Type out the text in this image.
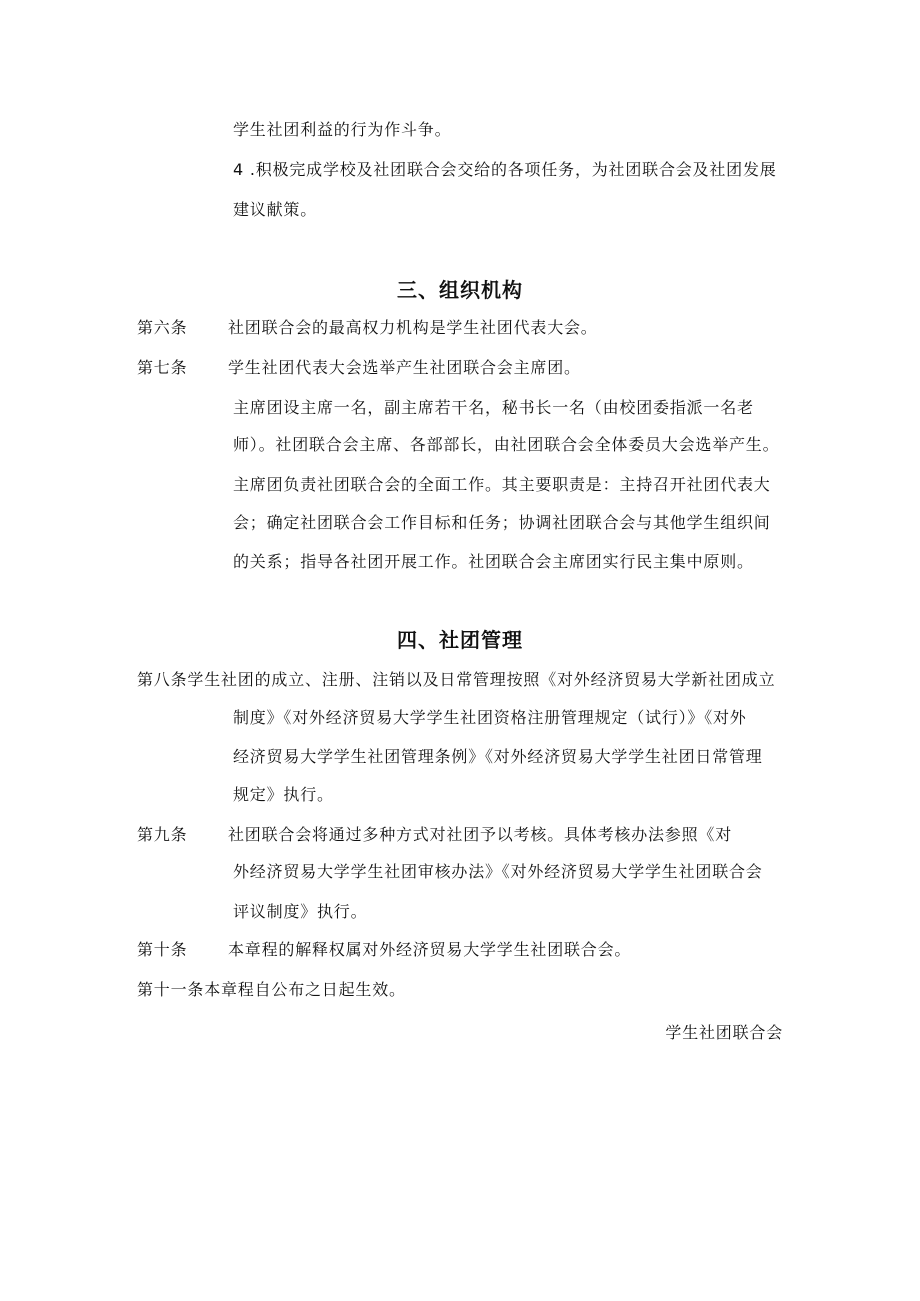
学生社团利益的行为作斗争。
4 .积极完成学校及社团联合会交给的各项任务，为社团联合会及社团发展
建议献策。
三、组织机构
第六条	社团联合会的最高权力机构是学生社团代表大会。
第七条	学生社团代表大会选举产生社团联合会主席团。
主席团设主席一名，副主席若干名，秘书长一名（由校团委指派一名老
师）。社团联合会主席、各部部长，由社团联合会全体委员大会选举产生。
主席团负责社团联合会的全面工作。其主要职责是：主持召开社团代表大
会；确定社团联合会工作目标和任务；协调社团联合会与其他学生组织间
的关系；指导各社团开展工作。社团联合会主席团实行民主集中原则。
四、社团管理
第八条学生社团的成立、注册、注销以及日常管理按照《对外经济贸易大学新社团成立
制度》《对外经济贸易大学学生社团资格注册管理规定（试行）》《对外
经济贸易大学学生社团管理条例》《对外经济贸易大学学生社团日常管理
规定》执行。
第九条	社团联合会将通过多种方式对社团予以考核。具体考核办法参照《对
外经济贸易大学学生社团审核办法》《对外经济贸易大学学生社团联合会
评议制度》执行。
第十条	本章程的解释权属对外经济贸易大学学生社团联合会。
第十一条本章程自公布之日起生效。
学生社团联合会
